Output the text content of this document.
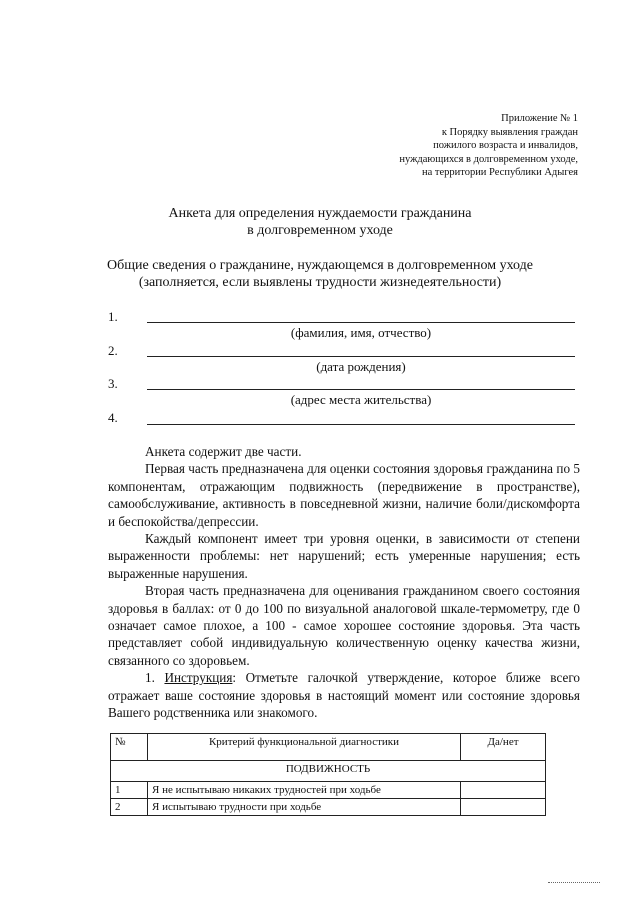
Приложение № 1
к Порядку выявления граждан
пожилого возраста и инвалидов,
нуждающихся в долговременном уходе,
на территории Республики Адыгея
Анкета для определения нуждаемости гражданина
в долговременном уходе
Общие сведения о гражданине, нуждающемся в долговременном уходе
(заполняется, если выявлены трудности жизнедеятельности)
1.
(фамилия, имя, отчество)
2.
(дата рождения)
3.
(адрес места жительства)
4.

Анкета содержит две части.

Первая часть предназначена для оценки состояния здоровья гражданина по 5 компонентам, отражающим подвижность (передвижение в пространстве), самообслуживание, активность в повседневной жизни, наличие боли/дискомфорта и беспокойства/депрессии.

Каждый компонент имеет три уровня оценки, в зависимости от степени выраженности проблемы: нет нарушений; есть умеренные нарушения; есть выраженные нарушения.

Вторая часть предназначена для оценивания гражданином своего состояния здоровья в баллах: от 0 до 100 по визуальной аналоговой шкале-термометру, где 0 означает самое плохое, а 100 - самое хорошее состояние здоровья. Эта часть представляет собой индивидуальную количественную оценку качества жизни, связанного со здоровьем.

1. Инструкция: Отметьте галочкой утверждение, которое ближе всего отражает ваше состояние здоровья в настоящий момент или состояние здоровья Вашего родственника или знакомого.

№	Критерий функциональной диагностики	Да/нет
ПОДВИЖНОСТЬ		
1	Я не испытываю никаких трудностей при ходьбе	
2	Я испытываю трудности при ходьбе	
